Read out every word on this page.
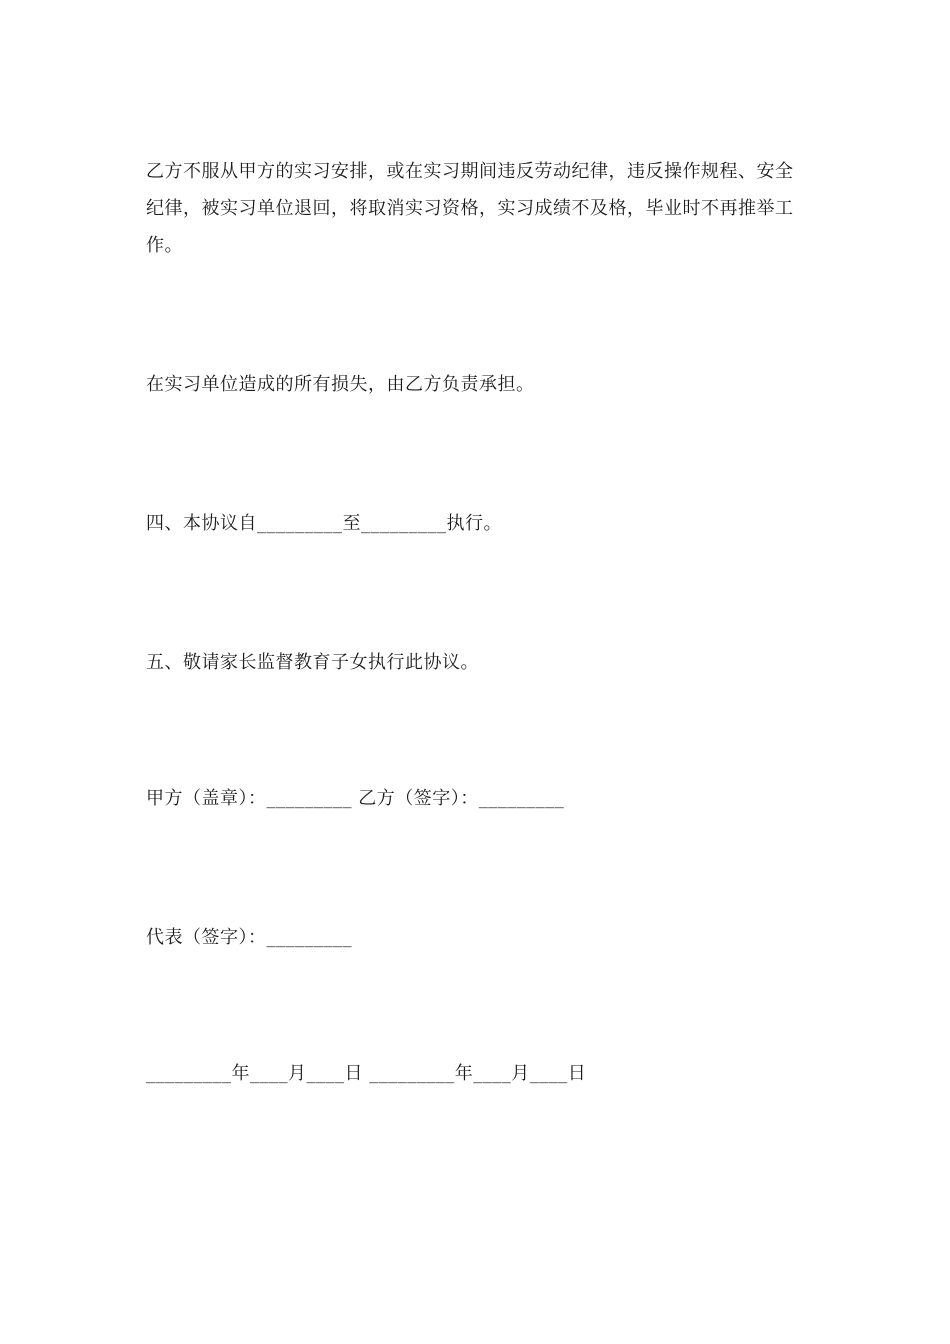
乙方不服从甲方的实习安排，或在实习期间违反劳动纪律，违反操作规程、安全纪律，被实习单位退回，将取消实习资格，实习成绩不及格，毕业时不再推举工作。

在实习单位造成的所有损失，由乙方负责承担。

四、本协议自_________至_________执行。

五、敬请家长监督教育子女执行此协议。

甲方（盖章）：_________ 乙方（签字）：_________

代表（签字）：_________

_________年____月____日 _________年____月____日
